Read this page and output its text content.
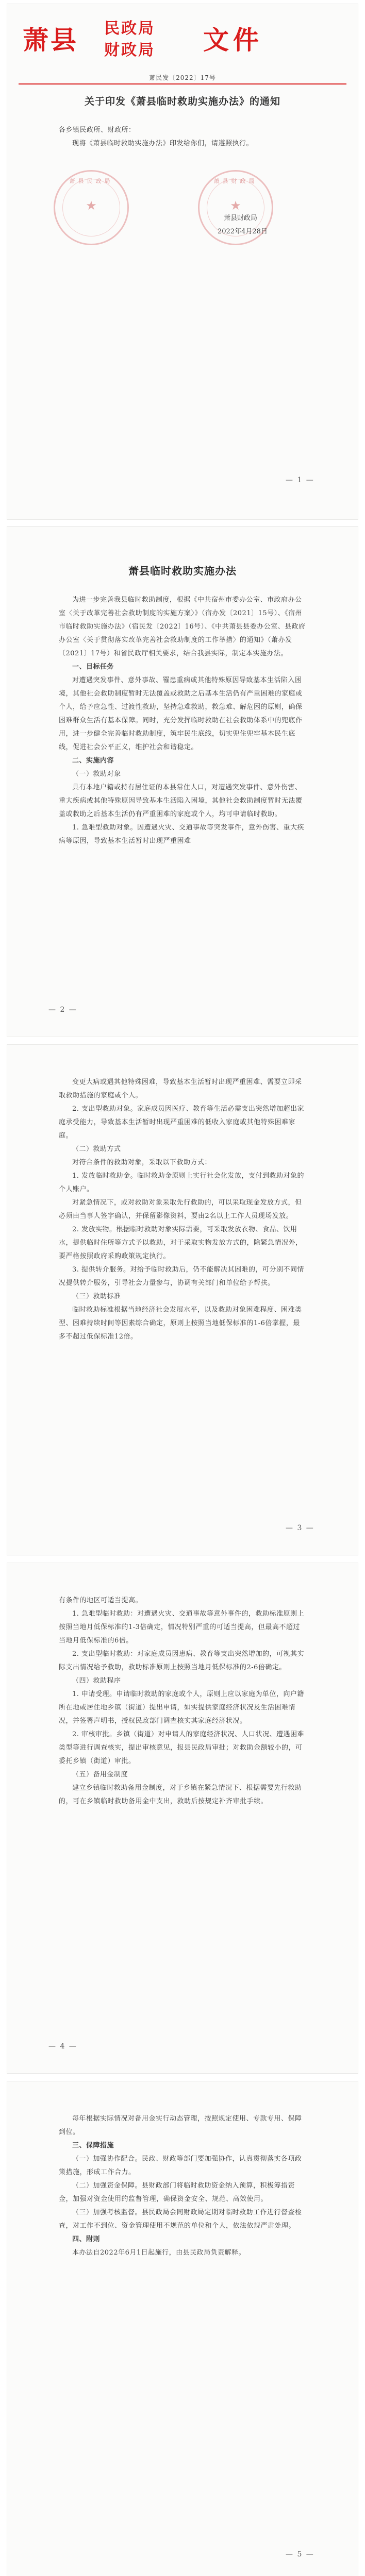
萧县 民政局
财政局 文件
萧民发〔2022〕17号
关于印发《萧县临时救助实施办法》的通知

各乡镇民政所、财政所：

现将《萧县临时救助实施办法》印发给你们，请遵照执行。

萧县民政局
★
萧县财政局
★
萧县财政局
2022年4月28日
— 1 —
萧县临时救助实施办法

为进一步完善我县临时救助制度，根据《中共宿州市委办公室、市政府办公室〈关于改革完善社会救助制度的实施方案〉》（宿办发〔2021〕15号）、《宿州市临时救助实施办法》（宿民发〔2022〕16号）、《中共萧县县委办公室、县政府办公室〈关于贯彻落实改革完善社会救助制度的工作举措〉的通知》（萧办发〔2021〕17号）和省民政厅相关要求，结合我县实际，制定本实施办法。

一、目标任务

对遭遇突发事件、意外事故、罹患重病或其他特殊原因导致基本生活陷入困境，其他社会救助制度暂时无法覆盖或救助之后基本生活仍有严重困难的家庭或个人，给予应急性、过渡性救助，坚持急难救助，救急难、解危困的原则，确保困难群众生活有基本保障。同时，充分发挥临时救助在社会救助体系中的兜底作用，进一步健全完善临时救助制度，筑牢民生底线，切实兜住兜牢基本民生底线，促进社会公平正义，维护社会和谐稳定。

二、实施内容

（一）救助对象

具有本地户籍或持有居住证的本县常住人口，对遭遇突发事件、意外伤害、重大疾病或其他特殊原因导致基本生活陷入困境，其他社会救助制度暂时无法覆盖或救助之后基本生活仍有严重困难的家庭或个人，均可申请临时救助。

1. 急难型救助对象。因遭遇火灾、交通事故等突发事件，意外伤害、重大疾病等原因，导致基本生活暂时出现严重困难

— 2 —

变更大病或遇其他特殊困难，导致基本生活暂时出现严重困难、需要立即采取救助措施的家庭或个人。

2. 支出型救助对象。家庭成员因医疗、教育等生活必需支出突然增加超出家庭承受能力，导致基本生活暂时出现严重困难的低收入家庭或其他特殊困难家庭。

（二）救助方式

对符合条件的救助对象，采取以下救助方式：

1. 发放临时救助金。临时救助金原则上实行社会化发放，支付到救助对象的个人账户。

对紧急情况下，或对救助对象采取先行救助的，可以采取现金发放方式，但必须由当事人签字确认，并保留影像资料，要由2名以上工作人员现场发放。

2. 发放实物。根据临时救助对象实际需要，可采取发放衣物、食品、饮用水，提供临时住所等方式予以救助，对于采取实物发放方式的，除紧急情况外，要严格按照政府采购政策规定执行。

3. 提供转介服务。对给予临时救助后，仍不能解决其困难的，可分别不同情况提供转介服务，引导社会力量参与，协调有关部门和单位给予帮扶。

（三）救助标准

临时救助标准根据当地经济社会发展水平，以及救助对象困难程度、困难类型、困难持续时间等因素综合确定，原则上按照当地低保标准的1-6倍掌握，最多不超过低保标准12倍。

— 3 —

有条件的地区可适当提高。

1. 急难型临时救助：对遭遇火灾、交通事故等意外事件的，救助标准原则上按照当地月低保标准的1-3倍确定，情况特别严重的可适当提高，但最高不超过当地月低保标准的6倍。

2. 支出型临时救助：对家庭成员因患病、教育等支出突然增加的，可视其实际支出情况给予救助，救助标准原则上按照当地月低保标准的2-6倍确定。

（四）救助程序

1. 申请受理。申请临时救助的家庭或个人，原则上应以家庭为单位，向户籍所在地或居住地乡镇（街道）提出申请，如实提供家庭经济状况及生活困难情况，并签署声明书，授权民政部门调查核实其家庭经济状况。

2. 审核审批。乡镇（街道）对申请人的家庭经济状况、人口状况、遭遇困难类型等进行调查核实，提出审核意见，报县民政局审批；对救助金额较小的，可委托乡镇（街道）审批。

（五）备用金制度

建立乡镇临时救助备用金制度，对于乡镇在紧急情况下、根据需要先行救助的，可在乡镇临时救助备用金中支出，救助后按规定补齐审批手续。

— 4 —

每年根据实际情况对备用金实行动态管理，按照规定使用、专款专用、保障到位。

三、保障措施

（一）加强协作配合。民政、财政等部门要加强协作，认真贯彻落实各项政策措施，形成工作合力。

（二）加强资金保障。县财政部门将临时救助资金纳入预算，积极筹措资金，加强对资金使用的监督管理，确保资金安全、规范、高效使用。

（三）加强考核监督。县民政局会同财政局定期对临时救助工作进行督查检查，对工作不到位、资金管理使用不规范的单位和个人，依法依规严肃处理。

四、附则

本办法自2022年6月1日起施行，由县民政局负责解释。

— 5 —
